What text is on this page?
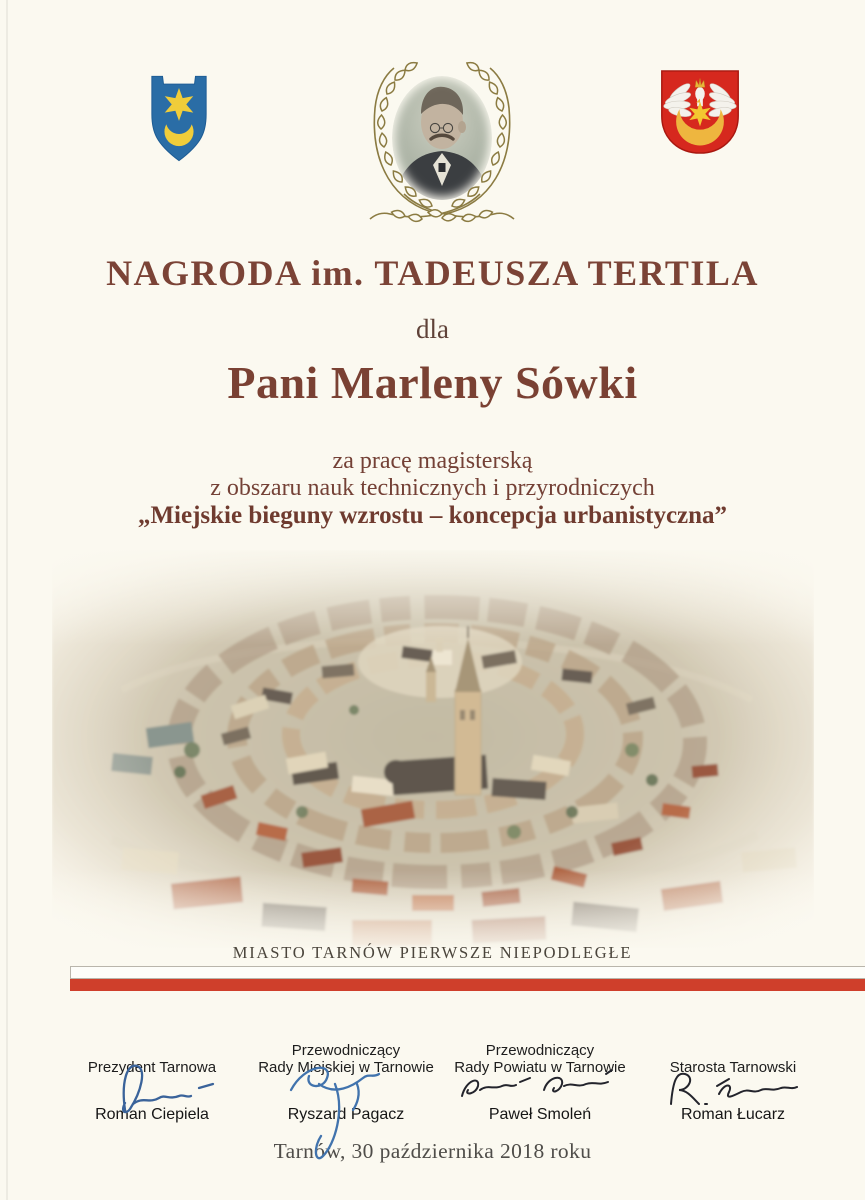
NAGRODA im. TADEUSZA TERTILA
dla
Pani Marleny Sówki
za pracę magisterską
z obszaru nauk technicznych i przyrodniczych
„Miejskie bieguny wzrostu – koncepcja urbanistyczna”
MIASTO TARNÓW PIERWSZE NIEPODLEGŁE
Prezydent Tarnowa
Roman Ciepiela
Przewodniczący
Rady Miejskiej w Tarnowie
Ryszard Pagacz
Przewodniczący
Rady Powiatu w Tarnowie
Paweł Smoleń
Starosta Tarnowski
Roman Łucarz
Tarnów, 30 października 2018 roku
